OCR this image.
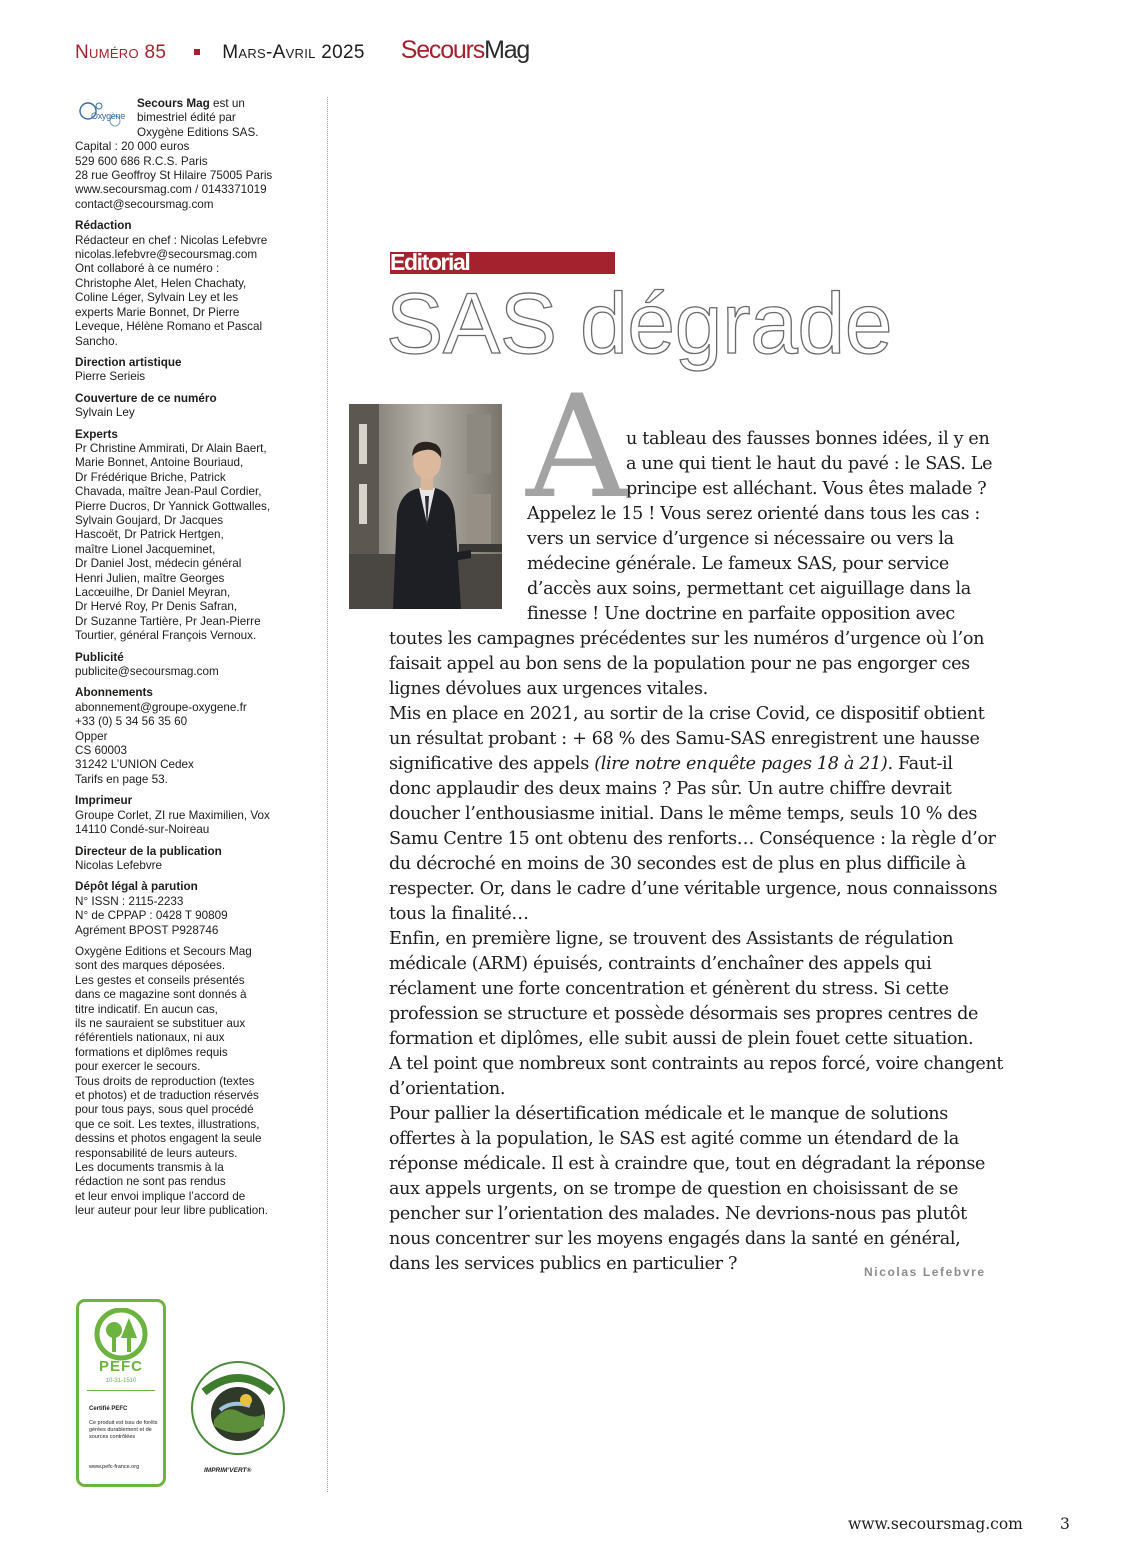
Numéro 85	Mars-Avril 2025 SecoursMag
Oxygène

Secours Mag est un
bimestriel édité par
Oxygène Editions SAS.

Capital : 20 000 euros
529 600 686 R.C.S. Paris
28 rue Geoffroy St Hilaire 75005 Paris
www.secoursmag.com / 0143371019
contact@secoursmag.com

Rédaction

Rédacteur en chef : Nicolas Lefebvre
nicolas.lefebvre@secoursmag.com
Ont collaboré à ce numéro :
Christophe Alet, Helen Chachaty,
Coline Léger, Sylvain Ley et les
experts Marie Bonnet, Dr Pierre
Leveque, Hélène Romano et Pascal
Sancho.

Direction artistique

Pierre Serieis

Couverture de ce numéro

Sylvain Ley

Experts

Pr Christine Ammirati, Dr Alain Baert,
Marie Bonnet, Antoine Bouriaud,
Dr Frédérique Briche, Patrick
Chavada, maître Jean-Paul Cordier,
Pierre Ducros, Dr Yannick Gottwalles,
Sylvain Goujard, Dr Jacques
Hascoët, Dr Patrick Hertgen,
maître Lionel Jacqueminet,
Dr Daniel Jost, médecin général
Henri Julien, maître Georges
Lacœuilhe, Dr Daniel Meyran,
Dr Hervé Roy, Pr Denis Safran,
Dr Suzanne Tartière, Pr Jean-Pierre
Tourtier, général François Vernoux.

Publicité

publicite@secoursmag.com

Abonnements

abonnement@groupe-oxygene.fr
+33 (0) 5 34 56 35 60
Opper
CS 60003
31242 L’UNION Cedex
Tarifs en page 53.

Imprimeur

Groupe Corlet, ZI rue Maximilien, Vox
14110 Condé-sur-Noireau

Directeur de la publication

Nicolas Lefebvre

Dépôt légal à parution

N° ISSN : 2115-2233
N° de CPPAP : 0428 T 90809
Agrément BPOST P928746

Oxygène Editions et Secours Mag
sont des marques déposées.
Les gestes et conseils présentés
dans ce magazine sont donnés à
titre indicatif. En aucun cas,
ils ne sauraient se substituer aux
référentiels nationaux, ni aux
formations et diplômes requis
pour exercer le secours.
Tous droits de reproduction (textes
et photos) et de traduction réservés
pour tous pays, sous quel procédé
que ce soit. Les textes, illustrations,
dessins et photos engagent la seule
responsabilité de leurs auteurs.
Les documents transmis à la
rédaction ne sont pas rendus
et leur envoi implique l’accord de
leur auteur pour leur libre publication.

PEFC
10-31-1510
Certifié PEFC
Ce produit est issu de forêts gérées durablement et de sources contrôlées
www.pefc-france.org	IMPRIM’VERT®
Editorial
SAS dégrade
A
u tableau des fausses bonnes idées, il y en
a une qui tient le haut du pavé : le SAS. Le
principe est alléchant. Vous êtes malade ?
Appelez le 15 ! Vous serez orienté dans tous les cas :
vers un service d’urgence si nécessaire ou vers la
médecine générale. Le fameux SAS, pour service
d’accès aux soins, permettant cet aiguillage dans la
finesse ! Une doctrine en parfaite opposition avec
toutes les campagnes précédentes sur les numéros d’urgence où l’on
faisait appel au bon sens de la population pour ne pas engorger ces
lignes dévolues aux urgences vitales.
Mis en place en 2021, au sortir de la crise Covid, ce dispositif obtient
un résultat probant : + 68 % des Samu-SAS enregistrent une hausse
significative des appels (lire notre enquête pages 18 à 21). Faut-il
donc applaudir des deux mains ? Pas sûr. Un autre chiffre devrait
doucher l’enthousiasme initial. Dans le même temps, seuls 10 % des
Samu Centre 15 ont obtenu des renforts… Conséquence : la règle d’or
du décroché en moins de 30 secondes est de plus en plus difficile à
respecter. Or, dans le cadre d’une véritable urgence, nous connaissons
tous la finalité…
Enfin, en première ligne, se trouvent des Assistants de régulation
médicale (ARM) épuisés, contraints d’enchaîner des appels qui
réclament une forte concentration et génèrent du stress. Si cette
profession se structure et possède désormais ses propres centres de
formation et diplômes, elle subit aussi de plein fouet cette situation.
A tel point que nombreux sont contraints au repos forcé, voire changent
d’orientation.
Pour pallier la désertification médicale et le manque de solutions
offertes à la population, le SAS est agité comme un étendard de la
réponse médicale. Il est à craindre que, tout en dégradant la réponse
aux appels urgents, on se trompe de question en choisissant de se
pencher sur l’orientation des malades. Ne devrions-nous pas plutôt
nous concentrer sur les moyens engagés dans la santé en général,
dans les services publics en particulier ?	Nicolas Lefebvre
www.secoursmag.com 3
